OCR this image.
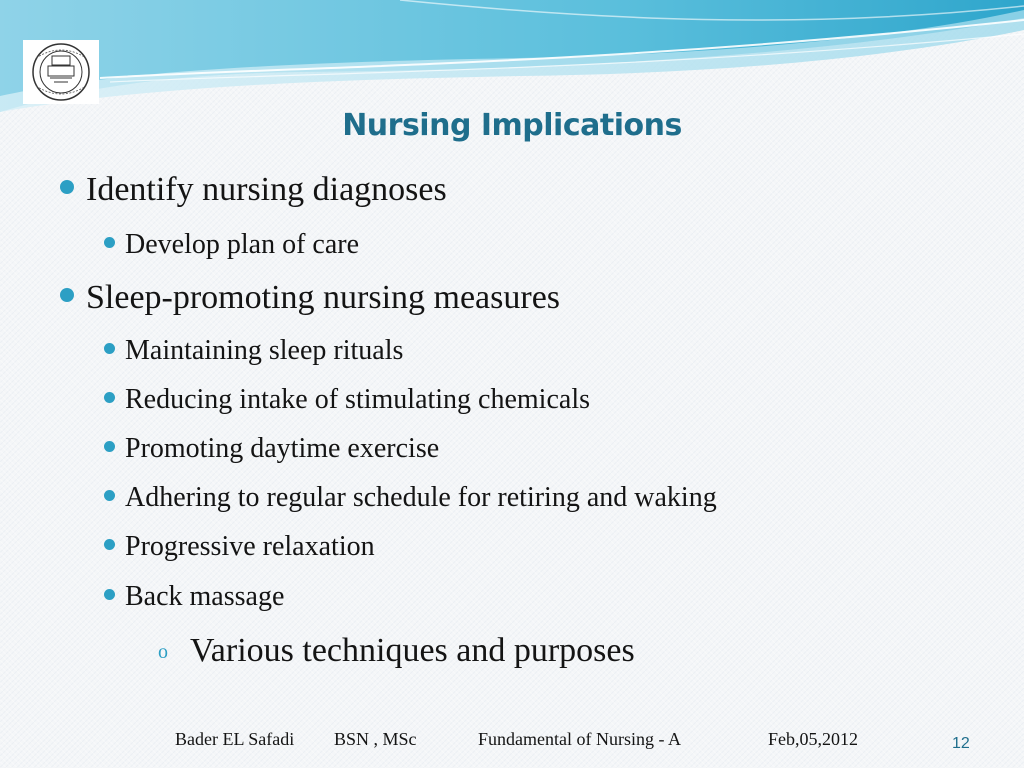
Nursing Implications
Identify nursing diagnoses
Develop plan of care
Sleep-promoting nursing measures
Maintaining sleep rituals
Reducing intake of stimulating chemicals
Promoting daytime exercise
Adhering to regular schedule for retiring and waking
Progressive relaxation
Back massage
o Various techniques and purposes
Bader EL Safadi BSN , MSc	Fundamental of Nursing - A	Feb,05,2012	12
